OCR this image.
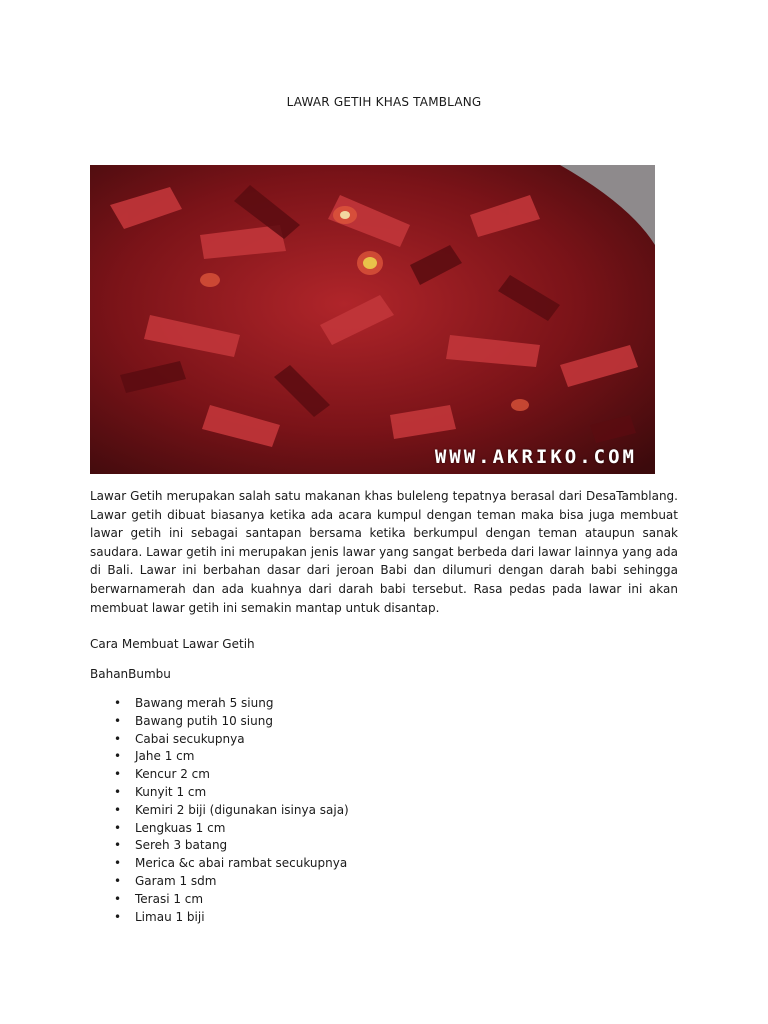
LAWAR GETIH KHAS TAMBLANG
WWW.AKRIKO.COM

Lawar Getih merupakan salah satu makanan khas buleleng tepatnya berasal dari DesaTamblang. Lawar getih dibuat biasanya ketika ada acara kumpul dengan teman maka bisa juga membuat lawar getih ini sebagai santapan bersama ketika berkumpul dengan teman ataupun sanak saudara. Lawar getih ini merupakan jenis lawar yang sangat berbeda dari lawar lainnya yang ada di Bali. Lawar ini berbahan dasar dari jeroan Babi dan dilumuri dengan darah babi sehingga berwarnamerah dan ada kuahnya dari darah babi tersebut. Rasa pedas pada lawar ini akan membuat lawar getih ini semakin mantap untuk disantap.

Cara Membuat Lawar Getih

BahanBumbu

• Bawang merah 5 siung
• Bawang putih 10 siung
• Cabai secukupnya
• Jahe 1 cm
• Kencur 2 cm
• Kunyit 1 cm
• Kemiri 2 biji (digunakan isinya saja)
• Lengkuas 1 cm
• Sereh 3 batang
• Merica &c abai rambat secukupnya
• Garam 1 sdm
• Terasi 1 cm
• Limau 1 biji
